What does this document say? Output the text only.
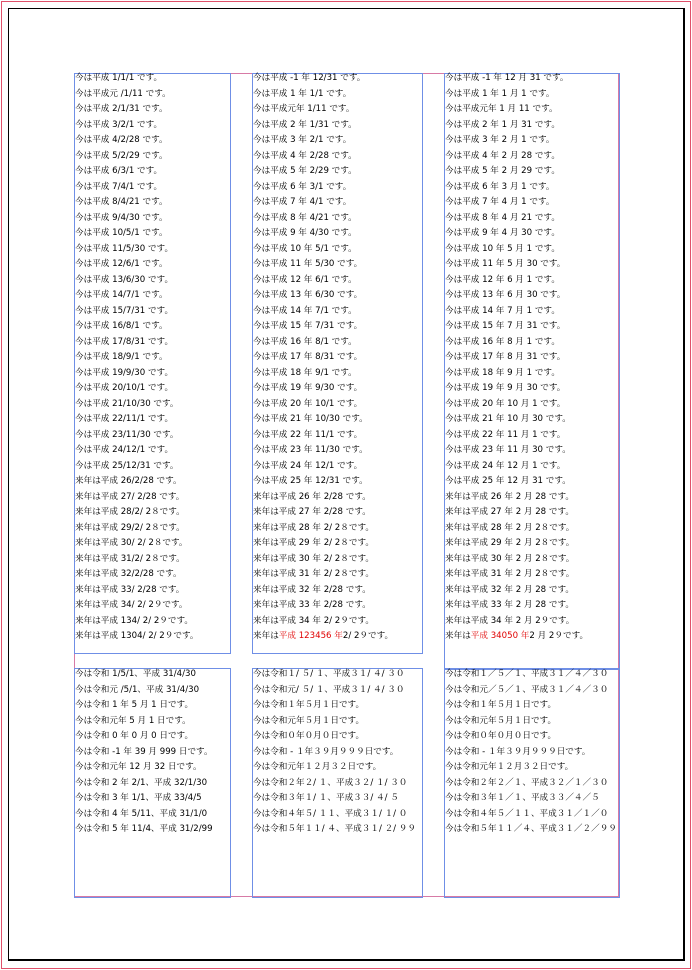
今は平成 1/1/1 です。
今は平成元 /1/11 です。
今は平成 2/1/31 です。
今は平成 3/2/1 です。
今は平成 4/2/28 です。
今は平成 5/2/29 です。
今は平成 6/3/1 です。
今は平成 7/4/1 です。
今は平成 8/4/21 です。
今は平成 9/4/30 です。
今は平成 10/5/1 です。
今は平成 11/5/30 です。
今は平成 12/6/1 です。
今は平成 13/6/30 です。
今は平成 14/7/1 です。
今は平成 15/7/31 です。
今は平成 16/8/1 です。
今は平成 17/8/31 です。
今は平成 18/9/1 です。
今は平成 19/9/30 です。
今は平成 20/10/1 です。
今は平成 21/10/30 です。
今は平成 22/11/1 です。
今は平成 23/11/30 です。
今は平成 24/12/1 です。
今は平成 25/12/31 です。
来年は平成 26/2/28 です。
来年は平成 27/ 2/28 です。
来年は平成 28/2/ 2８です。
来年は平成 29/2/ 2８です。
来年は平成 30/ 2/ 2８です。
来年は平成 31/2/ 2８です。
来年は平成 32/2/28 です。
来年は平成 33/ 2/28 です。
来年は平成 34/ 2/ 2９です。
来年は平成 134/ 2/ 2９です。
来年は平成 1304/ 2/ 2９です。
今は平成 -1 年 12/31 です。
今は平成 1 年 1/1 です。
今は平成元年 1/11 です。
今は平成 2 年 1/31 です。
今は平成 3 年 2/1 です。
今は平成 4 年 2/28 です。
今は平成 5 年 2/29 です。
今は平成 6 年 3/1 です。
今は平成 7 年 4/1 です。
今は平成 8 年 4/21 です。
今は平成 9 年 4/30 です。
今は平成 10 年 5/1 です。
今は平成 11 年 5/30 です。
今は平成 12 年 6/1 です。
今は平成 13 年 6/30 です。
今は平成 14 年 7/1 です。
今は平成 15 年 7/31 です。
今は平成 16 年 8/1 です。
今は平成 17 年 8/31 です。
今は平成 18 年 9/1 です。
今は平成 19 年 9/30 です。
今は平成 20 年 10/1 です。
今は平成 21 年 10/30 です。
今は平成 22 年 11/1 です。
今は平成 23 年 11/30 です。
今は平成 24 年 12/1 です。
今は平成 25 年 12/31 です。
来年は平成 26 年 2/28 です。
来年は平成 27 年 2/28 です。
来年は平成 28 年 2/ 2８です。
来年は平成 29 年 2/ 2８です。
来年は平成 30 年 2/ 2８です。
来年は平成 31 年 2/ 2８です。
来年は平成 32 年 2/28 です。
来年は平成 33 年 2/28 です。
来年は平成 34 年 2/ 2９です。
来年は平成 123456 年2/ 2９です。
今は平成 -1 年 12 月 31 です。
今は平成 1 年 1 月 1 です。
今は平成元年 1 月 11 です。
今は平成 2 年 1 月 31 です。
今は平成 3 年 2 月 1 です。
今は平成 4 年 2 月 28 です。
今は平成 5 年 2 月 29 です。
今は平成 6 年 3 月 1 です。
今は平成 7 年 4 月 1 です。
今は平成 8 年 4 月 21 です。
今は平成 9 年 4 月 30 です。
今は平成 10 年 5 月 1 です。
今は平成 11 年 5 月 30 です。
今は平成 12 年 6 月 1 です。
今は平成 13 年 6 月 30 です。
今は平成 14 年 7 月 1 です。
今は平成 15 年 7 月 31 です。
今は平成 16 年 8 月 1 です。
今は平成 17 年 8 月 31 です。
今は平成 18 年 9 月 1 です。
今は平成 19 年 9 月 30 です。
今は平成 20 年 10 月 1 です。
今は平成 21 年 10 月 30 です。
今は平成 22 年 11 月 1 です。
今は平成 23 年 11 月 30 です。
今は平成 24 年 12 月 1 です。
今は平成 25 年 12 月 31 です。
来年は平成 26 年 2 月 28 です。
来年は平成 27 年 2 月 28 です。
来年は平成 28 年 2 月 2８です。
来年は平成 29 年 2 月 2８です。
来年は平成 30 年 2 月 2８です。
来年は平成 31 年 2 月 2８です。
来年は平成 32 年 2 月 28 です。
来年は平成 33 年 2 月 28 です。
来年は平成 34 年 2 月 2９です。
来年は平成 34050 年2 月 2９です。
今は令和 1/5/1、平成 31/4/30
今は令和元 /5/1、平成 31/4/30
今は令和 1 年 5 月 1 日です。
今は令和元年 5 月 1 日です。
今は令和 0 年 0 月 0 日です。
今は令和 -1 年 39 月 999 日です。
今は令和元年 12 月 32 日です。
今は令和 2 年 2/1、平成 32/1/30
今は令和 3 年 1/1、平成 33/4/5
今は令和 4 年 5/11、平成 31/1/0
今は令和 5 年 11/4、平成 31/2/99
今は令和１/ ５/ １、平成３１/ ４/ ３０
今は令和元/ ５/ １、平成３１/ ４/ ３０
今は令和１年５月１日です。
今は令和元年５月１日です。
今は令和０年０月０日です。
今は令和 - １年３９月９９９日です。
今は令和元年１２月３２日です。
今は令和２年２/ １、平成３２/ １/ ３０
今は令和３年１/ １、平成３３/ ４/ ５
今は令和４年５/ １１、平成３１/ １/ ０
今は令和５年１１/ ４、平成３１/ ２/ ９９
今は令和１／５／１、平成３１／４／３０
今は令和元／５／１、平成３１／４／３０
今は令和１年５月１日です。
今は令和元年５月１日です。
今は令和０年０月０日です。
今は令和 - １年３９月９９９日です。
今は令和元年１２月３２日です。
今は令和２年２／１、平成３２／１／３０
今は令和３年１／１、平成３３／４／５
今は令和４年５／１１、平成３１／１／０
今は令和５年１１／４、平成３１／２／９９
